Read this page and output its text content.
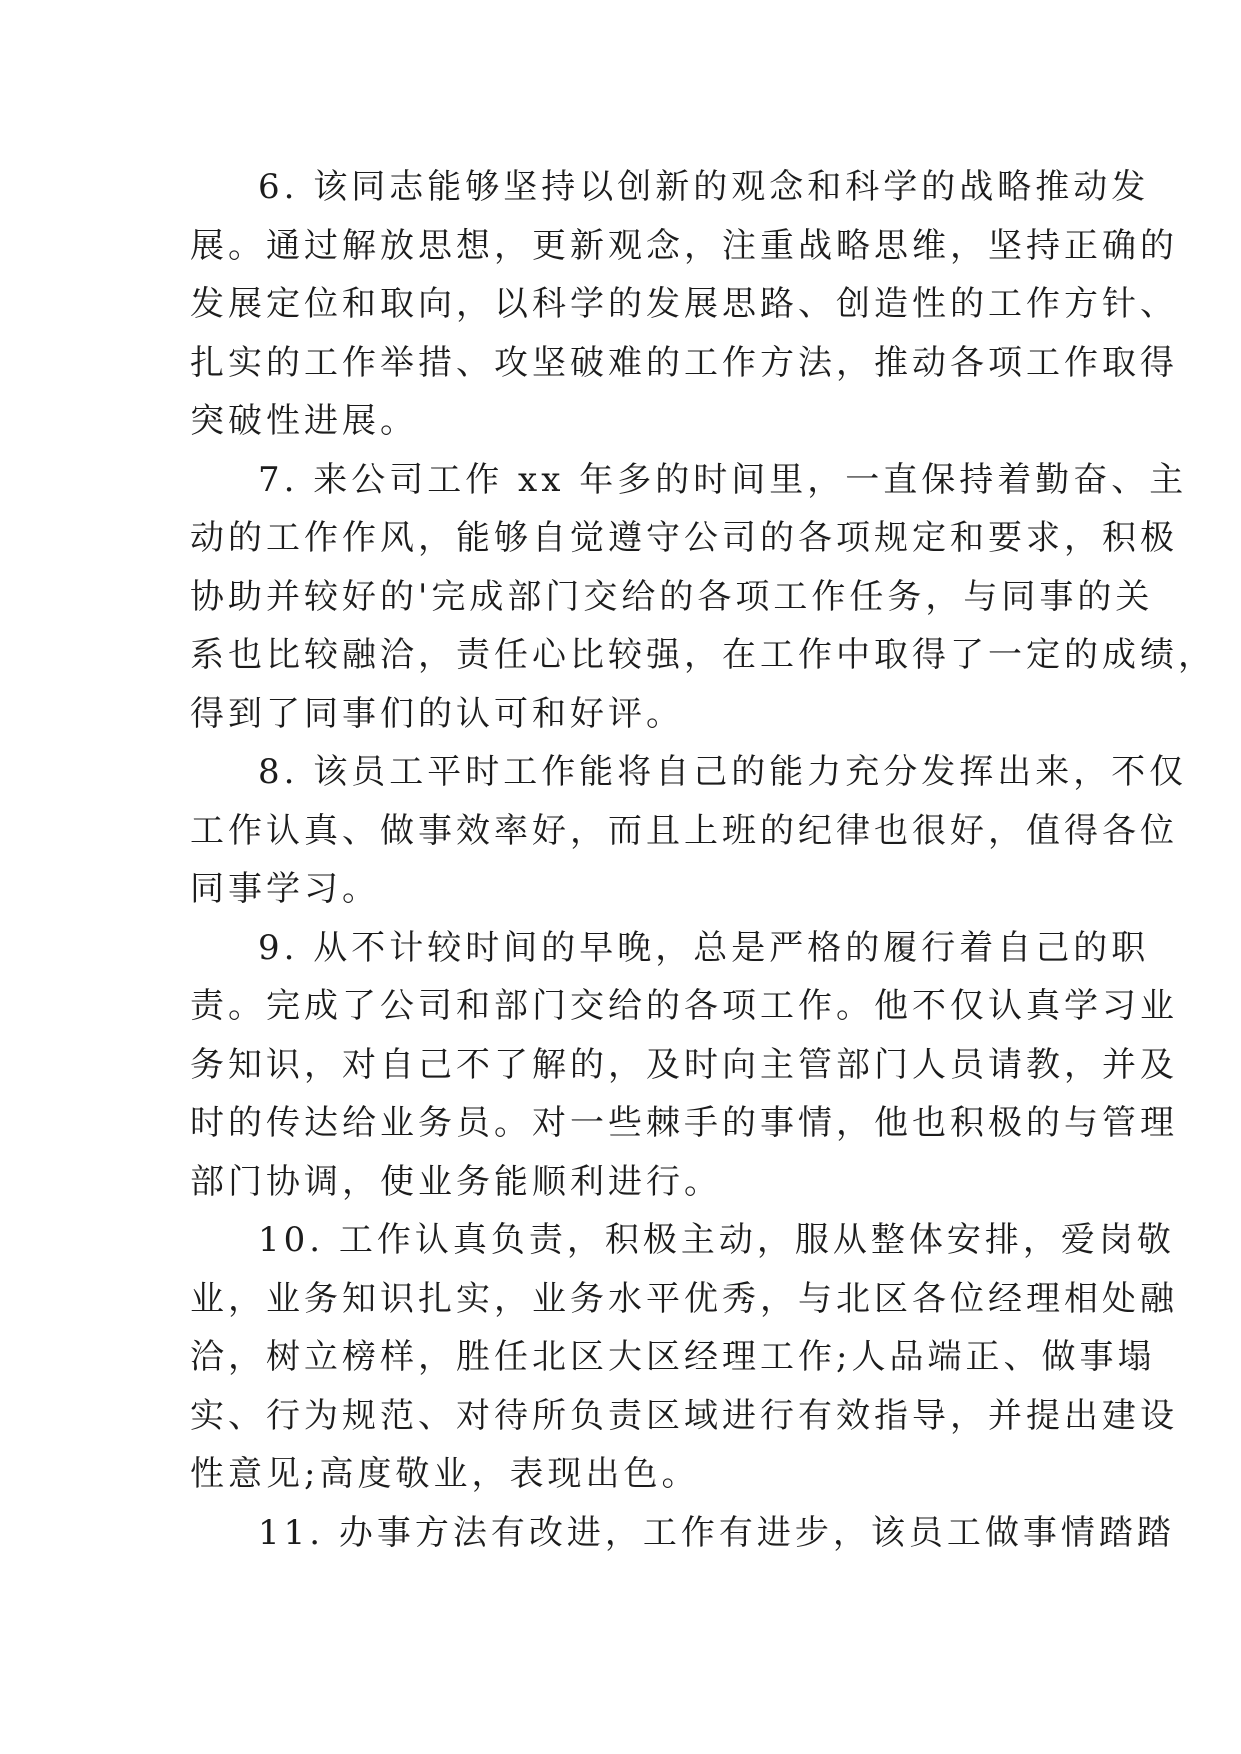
6. 该同志能够坚持以创新的观念和科学的战略推动发
展。通过解放思想，更新观念，注重战略思维，坚持正确的
发展定位和取向，以科学的发展思路、创造性的工作方针、
扎实的工作举措、攻坚破难的工作方法，推动各项工作取得
突破性进展。
7. 来公司工作 xx 年多的时间里，一直保持着勤奋、主
动的工作作风，能够自觉遵守公司的各项规定和要求，积极
协助并较好的'完成部门交给的各项工作任务，与同事的关
系也比较融洽，责任心比较强，在工作中取得了一定的成绩，
得到了同事们的认可和好评。
8. 该员工平时工作能将自己的能力充分发挥出来，不仅
工作认真、做事效率好，而且上班的纪律也很好，值得各位
同事学习。
9. 从不计较时间的早晚，总是严格的履行着自己的职
责。完成了公司和部门交给的各项工作。他不仅认真学习业
务知识，对自己不了解的，及时向主管部门人员请教，并及
时的传达给业务员。对一些棘手的事情，他也积极的与管理
部门协调，使业务能顺利进行。
10. 工作认真负责，积极主动，服从整体安排，爱岗敬
业，业务知识扎实，业务水平优秀，与北区各位经理相处融
洽，树立榜样，胜任北区大区经理工作;人品端正、做事塌
实、行为规范、对待所负责区域进行有效指导，并提出建设
性意见;高度敬业，表现出色。
11. 办事方法有改进，工作有进步，该员工做事情踏踏
